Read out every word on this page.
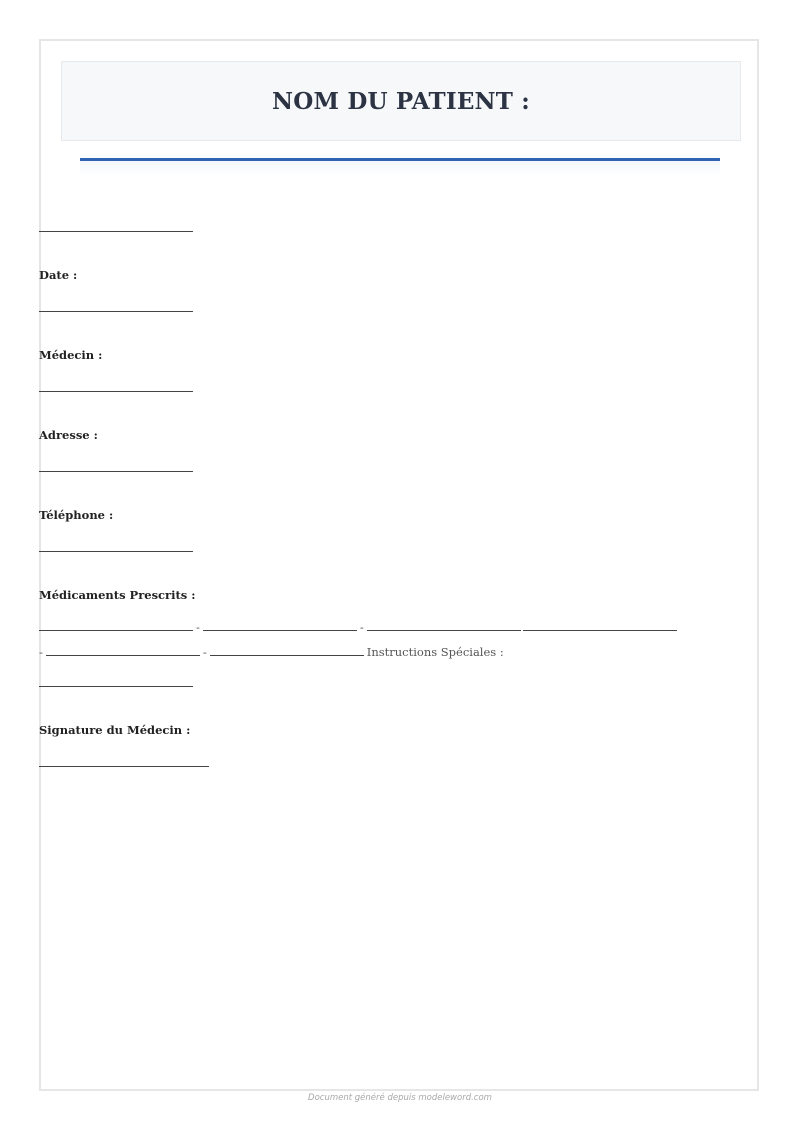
NOM DU PATIENT :
Date :
Médecin :
Adresse :
Téléphone :
Médicaments Prescrits :
-	-
-	-	Instructions Spéciales :
Signature du Médecin :
Document généré depuis modeleword.com
